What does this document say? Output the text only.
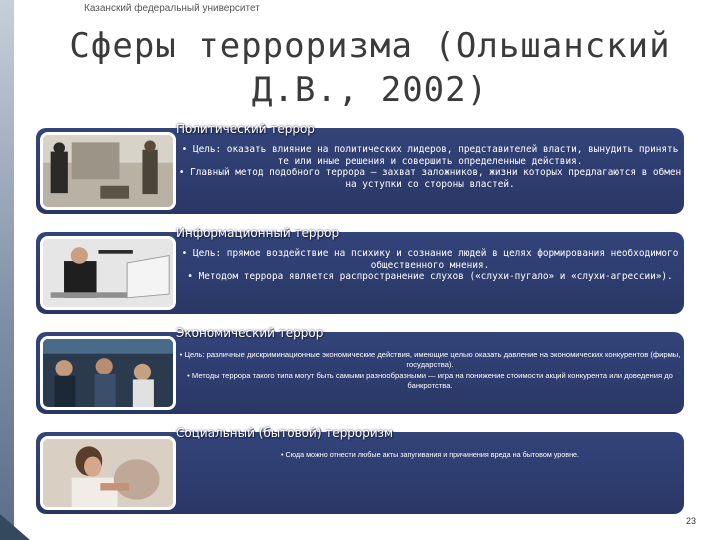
Казанский федеральный университет
Сферы терроризма (Ольшанский Д.В., 2002)
Политический террор

• Цель: оказать влияние на политических лидеров, представителей власти, вынудить принять те или иные решения и совершить определенные действия.

• Главный метод подобного террора — захват заложников, жизни которых предлагаются в обмен на уступки со стороны властей.

Информационный террор

• Цель: прямое воздействие на психику и сознание людей в целях формирования необходимого общественного мнения.

• Методом террора является распространение слухов («слухи-пугало» и «слухи-агрессии»).

Экономический террор

• Цель: различные дискриминационные экономические действия, имеющие целью оказать давление на экономических конкурентов (фирмы, государства).

• Методы террора такого типа могут быть самыми разнообразными — игра на понижение стоимости акций конкурента или доведения до банкротства.

Социальный (бытовой) терроризм

• Сюда можно отнести любые акты запугивания и причинения вреда на бытовом уровне.

23
